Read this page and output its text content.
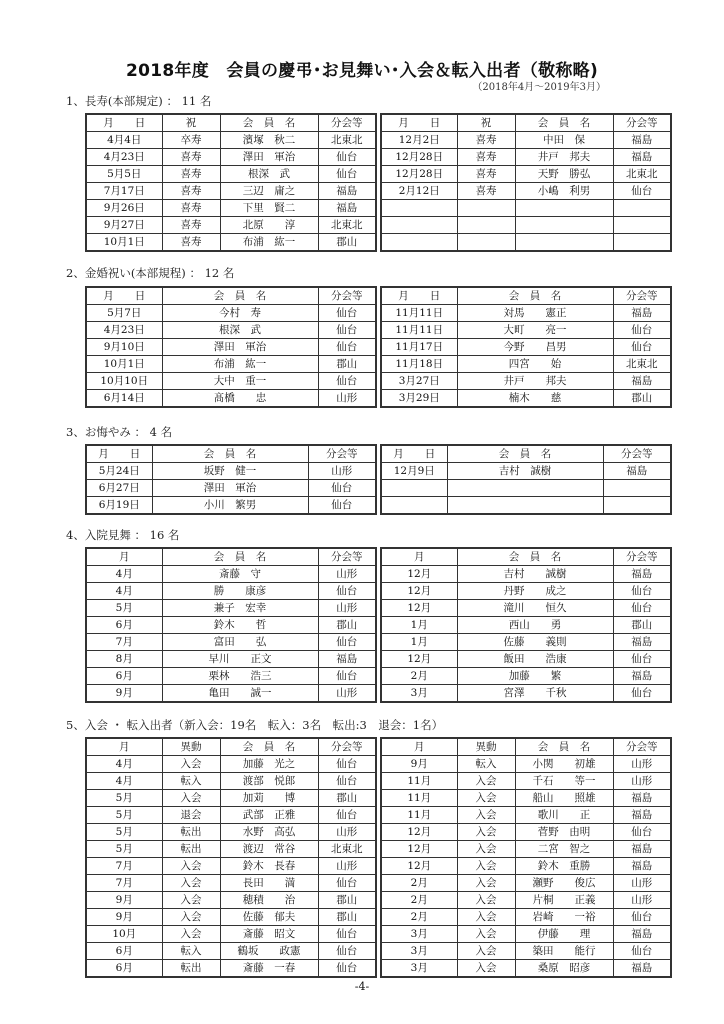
2018年度　会員の慶弔･お見舞い･入会＆転入出者（敬称略)
（2018年4月～2019年3月）
1、長寿(本部規定) ： 11 名
月　　日	祝	会　員　名	分会等
4月4日	卒寿	濱塚　秋二	北東北
4月23日	喜寿	澤田　軍治	仙台
5月5日	喜寿	根深　武	仙台
7月17日	喜寿	三辺　庸之	福島
9月26日	喜寿	下里　賢二	福島
9月27日	喜寿	北原　　淳	北東北
10月1日	喜寿	布浦　紘一	郡山
月　　日	祝	会　員　名	分会等
12月2日	喜寿	中田　保	福島
12月28日	喜寿	井戸　邦夫	福島
12月28日	喜寿	天野　勝弘	北東北
2月12日	喜寿	小嶋　利男	仙台

2、金婚祝い(本部規程) ： 12 名
月　　日	会　員　名	分会等
5月7日	今村　寿	仙台
4月23日	根深　武	仙台
9月10日	澤田　軍治	仙台
10月1日	布浦　紘一	郡山
10月10日	大中　重一	仙台
6月14日	髙橋　　忠	山形
月　　日	会　員　名	分会等
11月11日	対馬　　憲正	福島
11月11日	大町　　亮一	仙台
11月17日	今野　　昌男	仙台
11月18日	四宮　　始	北東北
3月27日	井戸　　邦夫	福島
3月29日	楠木　　慈	郡山
3、お悔やみ ： 4 名
月　　日	会　員　名	分会等
5月24日	坂野　健一	山形
6月27日	澤田　軍治	仙台
6月19日	小川　繁男	仙台
月　　日	会　員　名	分会等
12月9日	吉村　誠樹	福島

4、入院見舞 ： 16 名
月	会　員　名	分会等
4月	斎藤　守	山形
4月	勝　　康彦	仙台
5月	兼子　宏幸	山形
6月	鈴木　　哲	郡山
7月	富田　　弘	仙台
8月	早川　　正文	福島
6月	栗林　　浩三	仙台
9月	亀田　　誠一	山形
月	会　員　名	分会等
12月	吉村　　誠樹	福島
12月	丹野　　成之	仙台
12月	滝川　　恒久	仙台
1月	西山　　勇	郡山
1月	佐藤　　義則	福島
12月	飯田　　浩康	仙台
2月	加藤　　繁	福島
3月	宮澤　　千秋	仙台
5、入会 ・ 転入出者（新入会：19名　転入：3名　転出:3　退会：1名）
月	異動	会　員　名	分会等
4月	入会	加藤　光之	仙台
4月	転入	渡部　悦郎	仙台
5月	入会	加苅　　博	郡山
5月	退会	武部　正雅	仙台
5月	転出	水野　高弘	山形
5月	転出	渡辺　常谷	北東北
7月	入会	鈴木　長春	山形
7月	入会	長田　　満	仙台
9月	入会	穂積　　治	郡山
9月	入会	佐藤　郁夫	郡山
10月	入会	斎藤　昭文	仙台
6月	転入	鶴坂　　政憲	仙台
6月	転出	斎藤　一春	仙台
月	異動	会　員　名	分会等
9月	転入	小関　　初雄	山形
11月	入会	千石　　等一	山形
11月	入会	船山　　照雄	福島
11月	入会	歌川　　正	福島
12月	入会	菅野　由明	仙台
12月	入会	二宮　智之	福島
12月	入会	鈴木　重勝	福島
2月	入会	瀬野　　俊広	山形
2月	入会	片桐　　正義	山形
2月	入会	岩崎　　一裕	仙台
3月	入会	伊藤　　理	福島
3月	入会	築田　　能行	仙台
3月	入会	桑原　昭彦	福島
-4-
